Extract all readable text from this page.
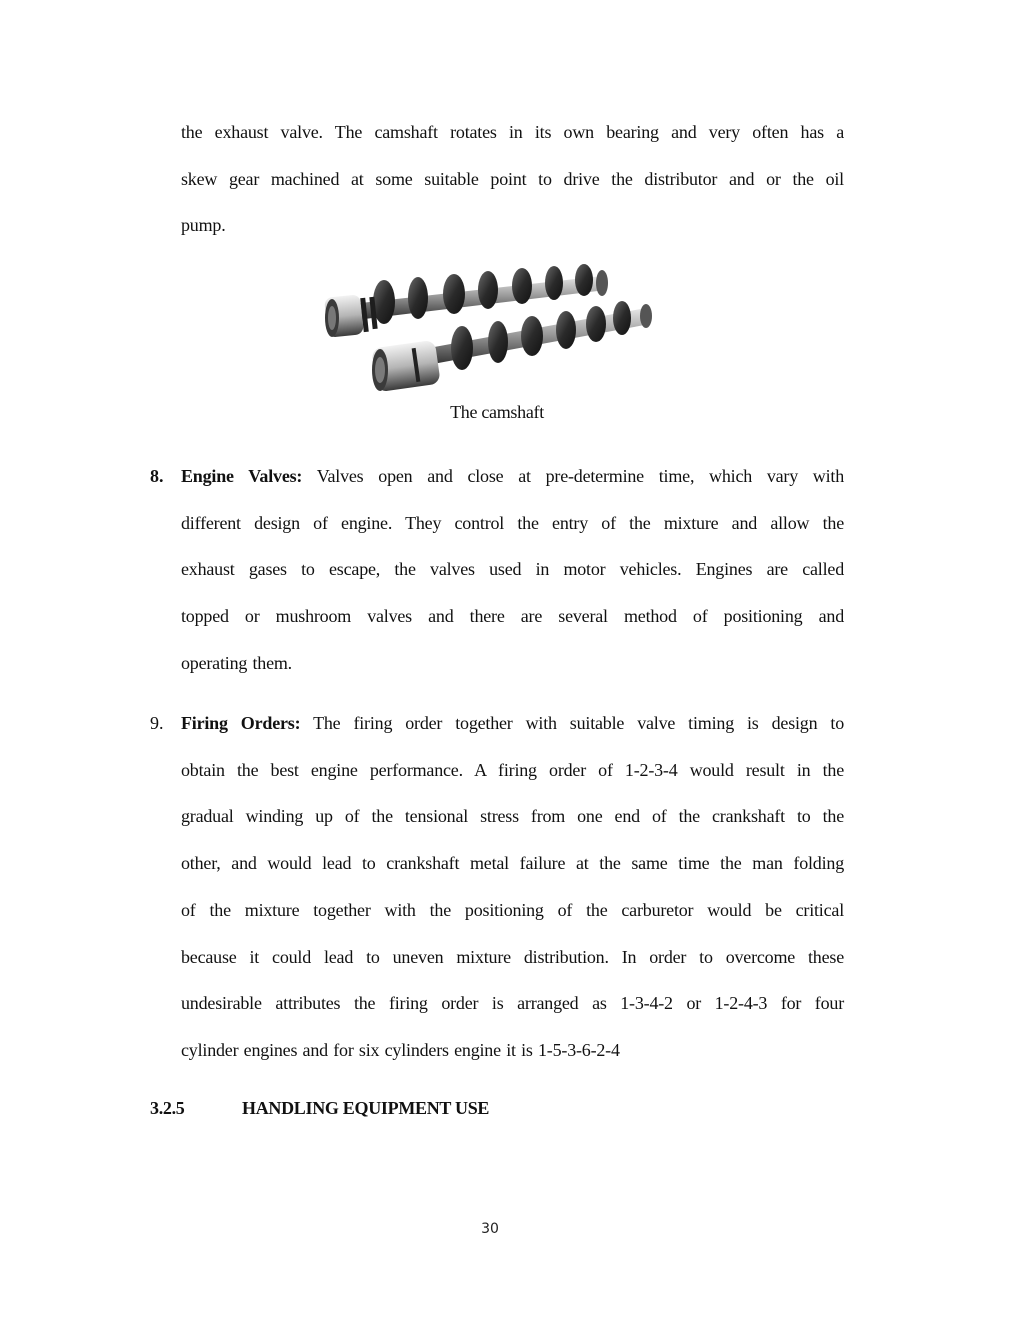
the exhaust valve. The camshaft rotates in its own bearing and very often has a
skew gear machined at some suitable point to drive the distributor and or the oil
pump.
The camshaft
8. Engine Valves: Valves open and close at pre-determine time, which vary with
different design of engine. They control the entry of the mixture and allow the
exhaust gases to escape, the valves used in motor vehicles. Engines are called
topped or mushroom valves and there are several method of positioning and
operating them.
9. Firing Orders: The firing order together with suitable valve timing is design to
obtain the best engine performance. A firing order of 1-2-3-4 would result in the
gradual winding up of the tensional stress from one end of the crankshaft to the
other, and would lead to crankshaft metal failure at the same time the man folding
of the mixture together with the positioning of the carburetor would be critical
because it could lead to uneven mixture distribution. In order to overcome these
undesirable attributes the firing order is arranged as 1-3-4-2 or 1-2-4-3 for four
cylinder engines and for six cylinders engine it is 1-5-3-6-2-4
3.2.5	HANDLING EQUIPMENT USE
30
